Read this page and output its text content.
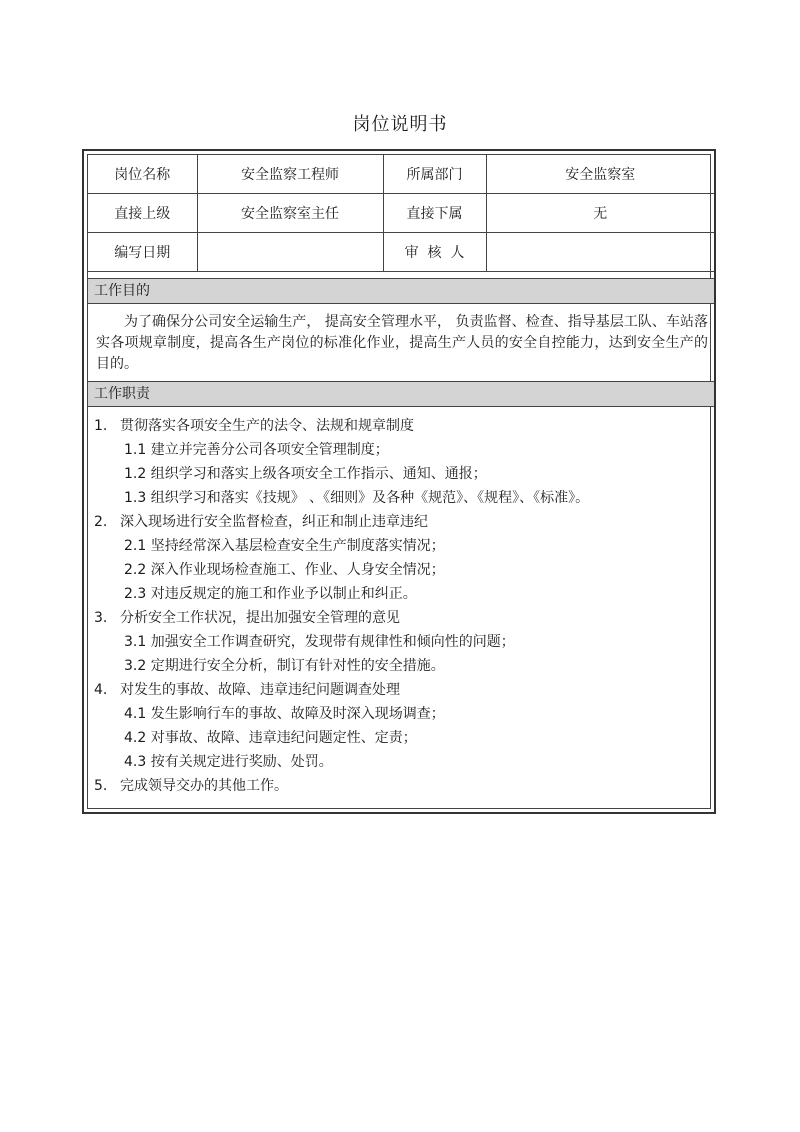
岗位说明书
岗位名称	安全监察工程师	所属部门	安全监察室
直接上级	安全监察室主任	直接下属	无
编写日期		审  核  人	
工作目的
为了确保分公司安全运输生产， 提高安全管理水平， 负责监督、检查、指导基层工队、车站落实各项规章制度，提高各生产岗位的标准化作业，提高生产人员的安全自控能力，达到安全生产的目的。
工作职责
1. 贯彻落实各项安全生产的法令、法规和规章制度
1.1 建立并完善分公司各项安全管理制度；
1.2 组织学习和落实上级各项安全工作指示、通知、通报；
1.3 组织学习和落实《技规》 、《细则》及各种《规范》、《规程》、《标准》。
2. 深入现场进行安全监督检查，纠正和制止违章违纪
2.1 坚持经常深入基层检查安全生产制度落实情况；
2.2 深入作业现场检查施工、作业、人身安全情况；
2.3 对违反规定的施工和作业予以制止和纠正。
3. 分析安全工作状况，提出加强安全管理的意见
3.1 加强安全工作调查研究，发现带有规律性和倾向性的问题；
3.2 定期进行安全分析，制订有针对性的安全措施。
4. 对发生的事故、故障、违章违纪问题调查处理
4.1 发生影响行车的事故、故障及时深入现场调查；
4.2 对事故、故障、违章违纪问题定性、定责；
4.3 按有关规定进行奖励、处罚。
5. 完成领导交办的其他工作。
